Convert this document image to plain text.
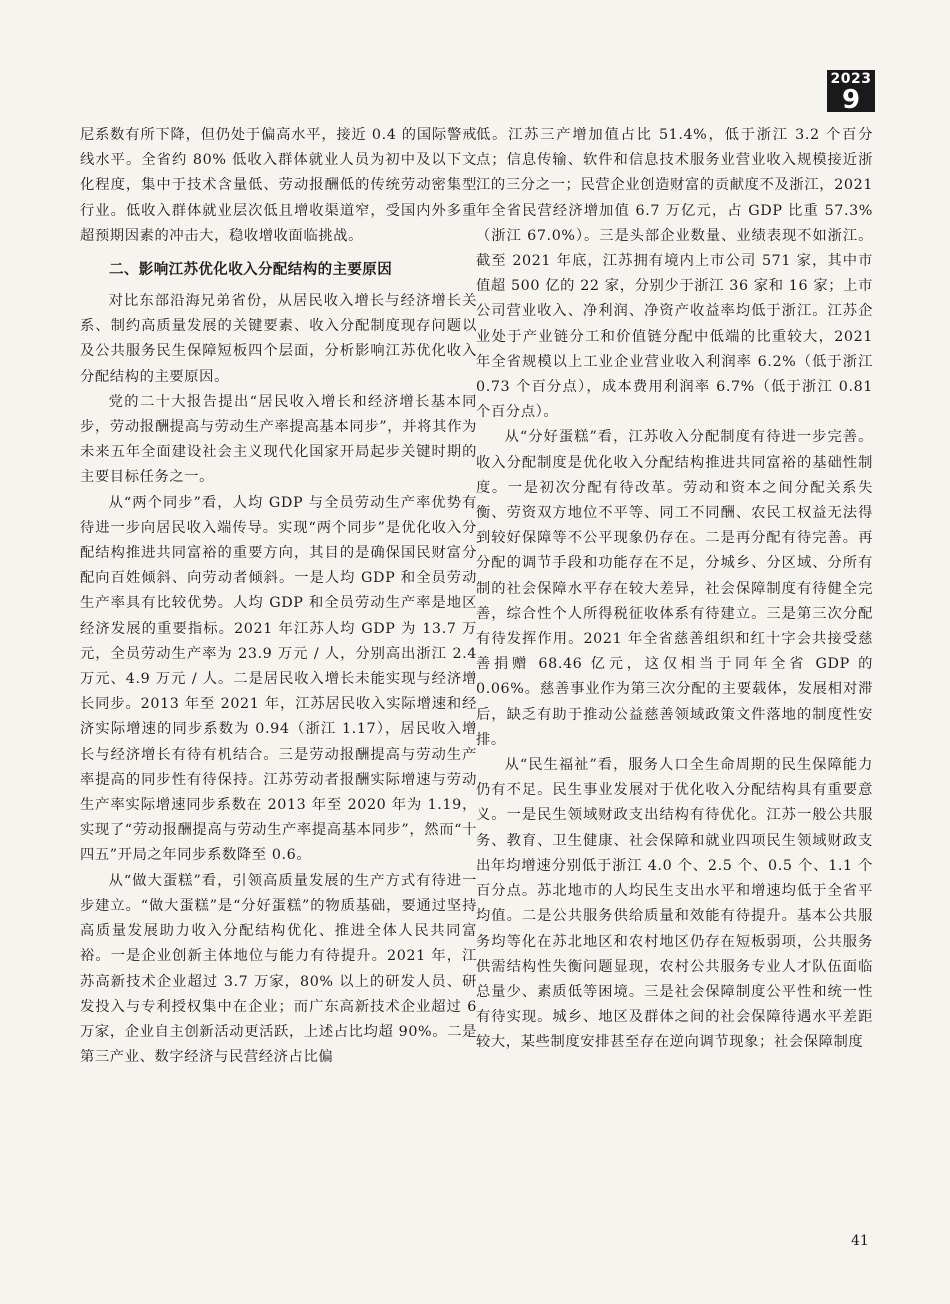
2023
9

尼系数有所下降，但仍处于偏高水平，接近 0.4 的国际警戒线水平。全省约 80% 低收入群体就业人员为初中及以下文化程度，集中于技术含量低、劳动报酬低的传统劳动密集型行业。低收入群体就业层次低且增收渠道窄，受国内外多重超预期因素的冲击大，稳收增收面临挑战。

二、影响江苏优化收入分配结构的主要原因

对比东部沿海兄弟省份，从居民收入增长与经济增长关系、制约高质量发展的关键要素、收入分配制度现存问题以及公共服务民生保障短板四个层面，分析影响江苏优化收入分配结构的主要原因。

党的二十大报告提出“居民收入增长和经济增长基本同步，劳动报酬提高与劳动生产率提高基本同步”，并将其作为未来五年全面建设社会主义现代化国家开局起步关键时期的主要目标任务之一。

从“两个同步”看，人均 GDP 与全员劳动生产率优势有待进一步向居民收入端传导。实现“两个同步”是优化收入分配结构推进共同富裕的重要方向，其目的是确保国民财富分配向百姓倾斜、向劳动者倾斜。一是人均 GDP 和全员劳动生产率具有比较优势。人均 GDP 和全员劳动生产率是地区经济发展的重要指标。2021 年江苏人均 GDP 为 13.7 万元，全员劳动生产率为 23.9 万元 / 人，分别高出浙江 2.4 万元、4.9 万元 / 人。二是居民收入增长未能实现与经济增长同步。2013 年至 2021 年，江苏居民收入实际增速和经济实际增速的同步系数为 0.94（浙江 1.17），居民收入增长与经济增长有待有机结合。三是劳动报酬提高与劳动生产率提高的同步性有待保持。江苏劳动者报酬实际增速与劳动生产率实际增速同步系数在 2013 年至 2020 年为 1.19，实现了“劳动报酬提高与劳动生产率提高基本同步”，然而“十四五”开局之年同步系数降至 0.6。

从“做大蛋糕”看，引领高质量发展的生产方式有待进一步建立。“做大蛋糕”是“分好蛋糕”的物质基础，要通过坚持高质量发展助力收入分配结构优化、推进全体人民共同富裕。一是企业创新主体地位与能力有待提升。2021 年，江苏高新技术企业超过 3.7 万家，80% 以上的研发人员、研发投入与专利授权集中在企业；而广东高新技术企业超过 6 万家，企业自主创新活动更活跃，上述占比均超 90%。二是第三产业、数字经济与民营经济占比偏

低。江苏三产增加值占比 51.4%，低于浙江 3.2 个百分点；信息传输、软件和信息技术服务业营业收入规模接近浙江的三分之一；民营企业创造财富的贡献度不及浙江，2021 年全省民营经济增加值 6.7 万亿元，占 GDP 比重 57.3%（浙江 67.0%）。三是头部企业数量、业绩表现不如浙江。截至 2021 年底，江苏拥有境内上市公司 571 家，其中市值超 500 亿的 22 家，分别少于浙江 36 家和 16 家；上市公司营业收入、净利润、净资产收益率均低于浙江。江苏企业处于产业链分工和价值链分配中低端的比重较大，2021 年全省规模以上工业企业营业收入利润率 6.2%（低于浙江 0.73 个百分点），成本费用利润率 6.7%（低于浙江 0.81 个百分点）。

从“分好蛋糕”看，江苏收入分配制度有待进一步完善。收入分配制度是优化收入分配结构推进共同富裕的基础性制度。一是初次分配有待改革。劳动和资本之间分配关系失衡、劳资双方地位不平等、同工不同酬、农民工权益无法得到较好保障等不公平现象仍存在。二是再分配有待完善。再分配的调节手段和功能存在不足，分城乡、分区域、分所有制的社会保障水平存在较大差异，社会保障制度有待健全完善，综合性个人所得税征收体系有待建立。三是第三次分配有待发挥作用。2021 年全省慈善组织和红十字会共接受慈善捐赠 68.46 亿元，这仅相当于同年全省 GDP 的 0.06%。慈善事业作为第三次分配的主要载体，发展相对滞后，缺乏有助于推动公益慈善领域政策文件落地的制度性安排。

从“民生福祉”看，服务人口全生命周期的民生保障能力仍有不足。民生事业发展对于优化收入分配结构具有重要意义。一是民生领域财政支出结构有待优化。江苏一般公共服务、教育、卫生健康、社会保障和就业四项民生领域财政支出年均增速分别低于浙江 4.0 个、2.5 个、0.5 个、1.1 个百分点。苏北地市的人均民生支出水平和增速均低于全省平均值。二是公共服务供给质量和效能有待提升。基本公共服务均等化在苏北地区和农村地区仍存在短板弱项，公共服务供需结构性失衡问题显现，农村公共服务专业人才队伍面临总量少、素质低等困境。三是社会保障制度公平性和统一性有待实现。城乡、地区及群体之间的社会保障待遇水平差距较大，某些制度安排甚至存在逆向调节现象；社会保障制度

41
